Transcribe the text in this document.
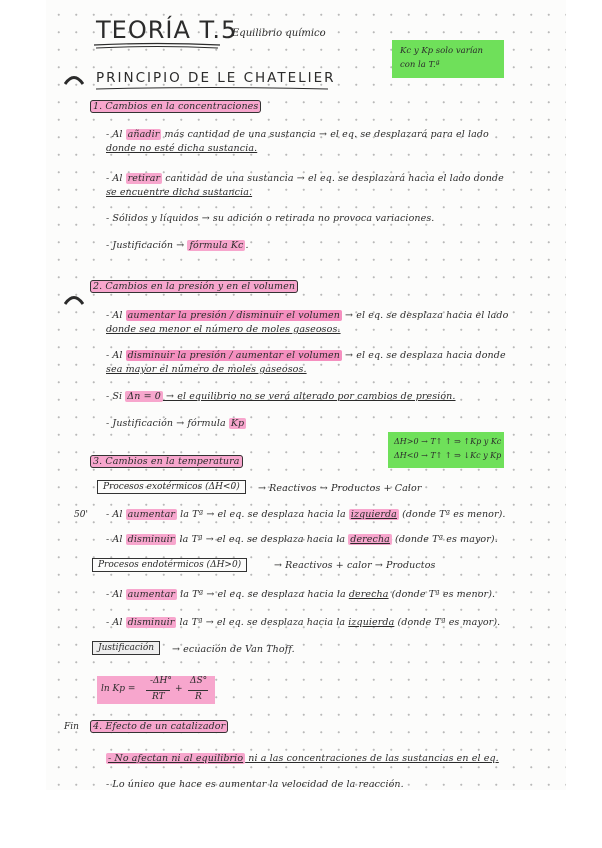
TEORÍA T.5
Equilibrio químico
Kc y Kp solo varían
con la T.ª
PRINCIPIO DE LE CHATELIER
1. Cambios en la concentraciones
- Al añadir más cantidad de una sustancia → el eq. se desplazará para el lado
donde no esté dicha sustancia.
- Al retirar cantidad de una sustancia → el eq. se desplazará hacia el lado donde
se encuentre dicha sustancia.
- Sólidos y líquidos → su adición o retirada no provoca variaciones.
- Justificación → fórmula Kc .
2. Cambios en la presión y en el volumen
- Al aumentar la presión / disminuir el volumen → el eq. se desplaza hacia el lado
donde sea menor el número de moles gaseosos.
- Al disminuir la presión / aumentar el volumen → el eq. se desplaza hacia donde
sea mayor el número de moles gaseosos.
- Si Δn = 0 → el equilibrio no se verá alterado por cambios de presión.
- Justificación → fórmula Kp
ΔH>0 → T↑ ↑ ⇒ ↑Kp y Kc
ΔH<0 → T↑ ↑ ⇒ ↓Kc y Kp
3. Cambios en la temperatura
Procesos exotérmicos (ΔH<0)	→ Reactivos → Productos + Calor
50' - Al aumentar la Tª → el eq. se desplaza hacia la izquierda (donde Tª es menor).
- Al disminuir la Tª → el eq. se desplaza hacia la derecha (donde Tª es mayor).
Procesos endotérmicos (ΔH>0)	→ Reactivos + calor → Productos
- Al aumentar la Tª → el eq. se desplaza hacia la derecha (donde Tª es menor).
- Al disminuir la Tª → el eq. se desplaza hacia la izquierda (donde Tª es mayor).
Justificación	→ ecuación de Van Thoff.
ln Kp =
-ΔH°
RT
+
ΔS°
R
Fin	4. Efecto de un catalizador
- No afectan ni al equilibrio ni a las concentraciones de las sustancias en el eq.
- Lo único que hace es aumentar la velocidad de la reacción.
